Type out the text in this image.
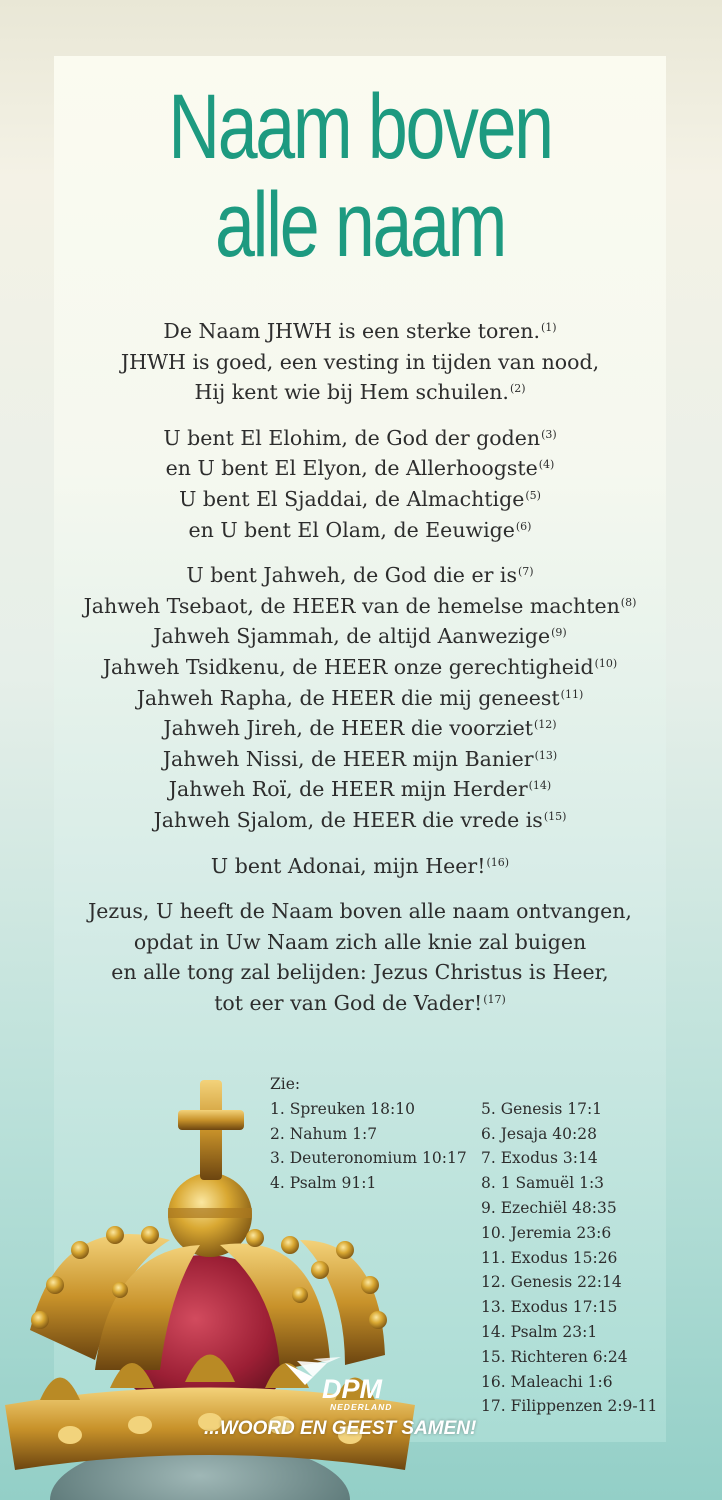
Naam boven
alle naam
De Naam JHWH is een sterke toren.$^{(1)}$
JHWH is goed, een vesting in tijden van nood,
Hij kent wie bij Hem schuilen.$^{(2)}$
U bent El Elohim, de God der goden$^{(3)}$
en U bent El Elyon, de Allerhoogste$^{(4)}$
U bent El Sjaddai, de Almachtige$^{(5)}$
en U bent El Olam, de Eeuwige$^{(6)}$
U bent Jahweh, de God die er $is^{(7)}$
Jahweh Tsebaot, de HEER van de hemelse machten$^{(8)}$
Jahweh Sjammah, de altijd Aanwezige$^{(9)}$
Jahweh Tsidkenu, de HEER onze gerechtigheid$^{(10)}$
Jahweh Rapha, de HEER die mij geneest$^{(11)}$
Jahweh Jireh, de HEER die voorziet$^{(12)}$
Jahweh Nissi, de HEER mijn Banier$^{(13)}$
Jahweh Roï, de HEER mijn Herder$^{(14)}$
Jahweh Sjalom, de HEER die vrede $is^{(15)}$
U bent Adonai, mijn Heer!$^{(16)}$
Jezus, U heeft de Naam boven alle naam ontvangen,
opdat in Uw Naam zich alle knie zal buigen
en alle tong zal belijden: Jezus Christus is Heer,
tot eer van God de Vader!$^{(17)}$
Zie:
1. Spreuken 18:10
2. Nahum 1:7
3. Deuteronomium 10:17
4. Psalm 91:1
5. Genesis 17:1
6. Jesaja 40:28
7. Exodus 3:14
8. 1 Samuël 1:3
9. Ezechiël 48:35
10. Jeremia 23:6
11. Exodus 15:26
12. Genesis 22:14
13. Exodus 17:15
14. Psalm 23:1
15. Richteren 6:24
16. Maleachi 1:6
17. Filippenzen 2:9-11
DPM
NEDERLAND
...WOORD EN GEEST SAMEN!
